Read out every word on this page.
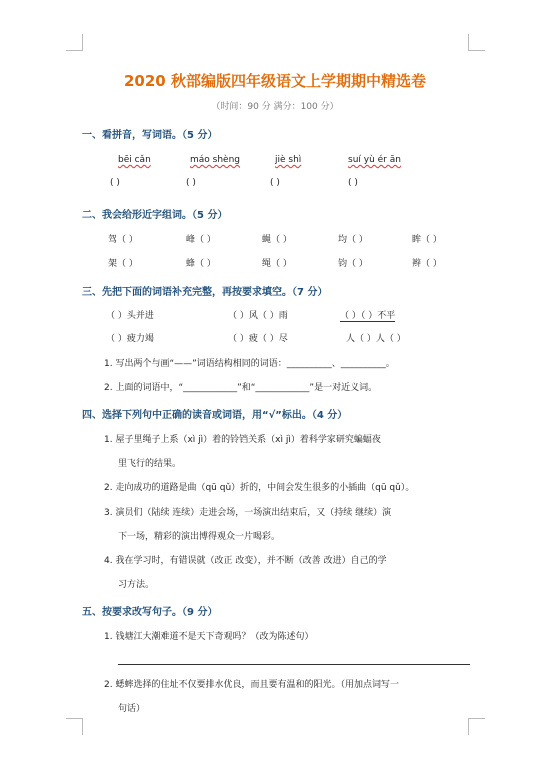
2020 秋部编版四年级语文上学期期中精选卷
（时间：90 分 满分：100 分）
一、看拼音，写词语。（5 分）
bēi cǎn	máo shèng	jiè shì	suí yù ér ān
( )	( )	( )	( )
二、我会给形近字组词。（5 分）
驾（ ）	峰（ ）	蝇（ ）	均（ ）	眸（ ）
架（ ）	蜂（ ）	绳（ ）	钧（ ）	辫（ ）
三、先把下面的词语补充完整，再按要求填空。（7 分）
（ ）头并进	（ ）风（ ）雨	（ ）（ ）不平
（ ）疲力竭	（ ）疲（ ）尽	人（ ）人（ ）
1. 写出两个与画“——”词语结构相同的词语：__________、__________。
2. 上面的词语中，“____________”和“____________”是一对近义词。
四、选择下列句中正确的读音或词语，用“√”标出。（4 分）
1. 屋子里绳子上系（xì jì）着的铃铛关系（xì jì）着科学家研究蝙蝠夜
里飞行的结果。
2. 走向成功的道路是曲（qū qǔ）折的，中间会发生很多的小插曲（qū qǔ）。
3. 演员们（陆续 连续）走进会场，一场演出结束后，又（持续 继续）演
下一场，精彩的演出博得观众一片喝彩。
4. 我在学习时，有错误就（改正 改变），并不断（改善 改进）自己的学
习方法。
五、按要求改写句子。（9 分）
1. 钱塘江大潮难道不是天下奇观吗？（改为陈述句）
2. 蟋蟀选择的住址不仅要排水优良，而且要有温和的阳光。（用加点词写一
句话）
